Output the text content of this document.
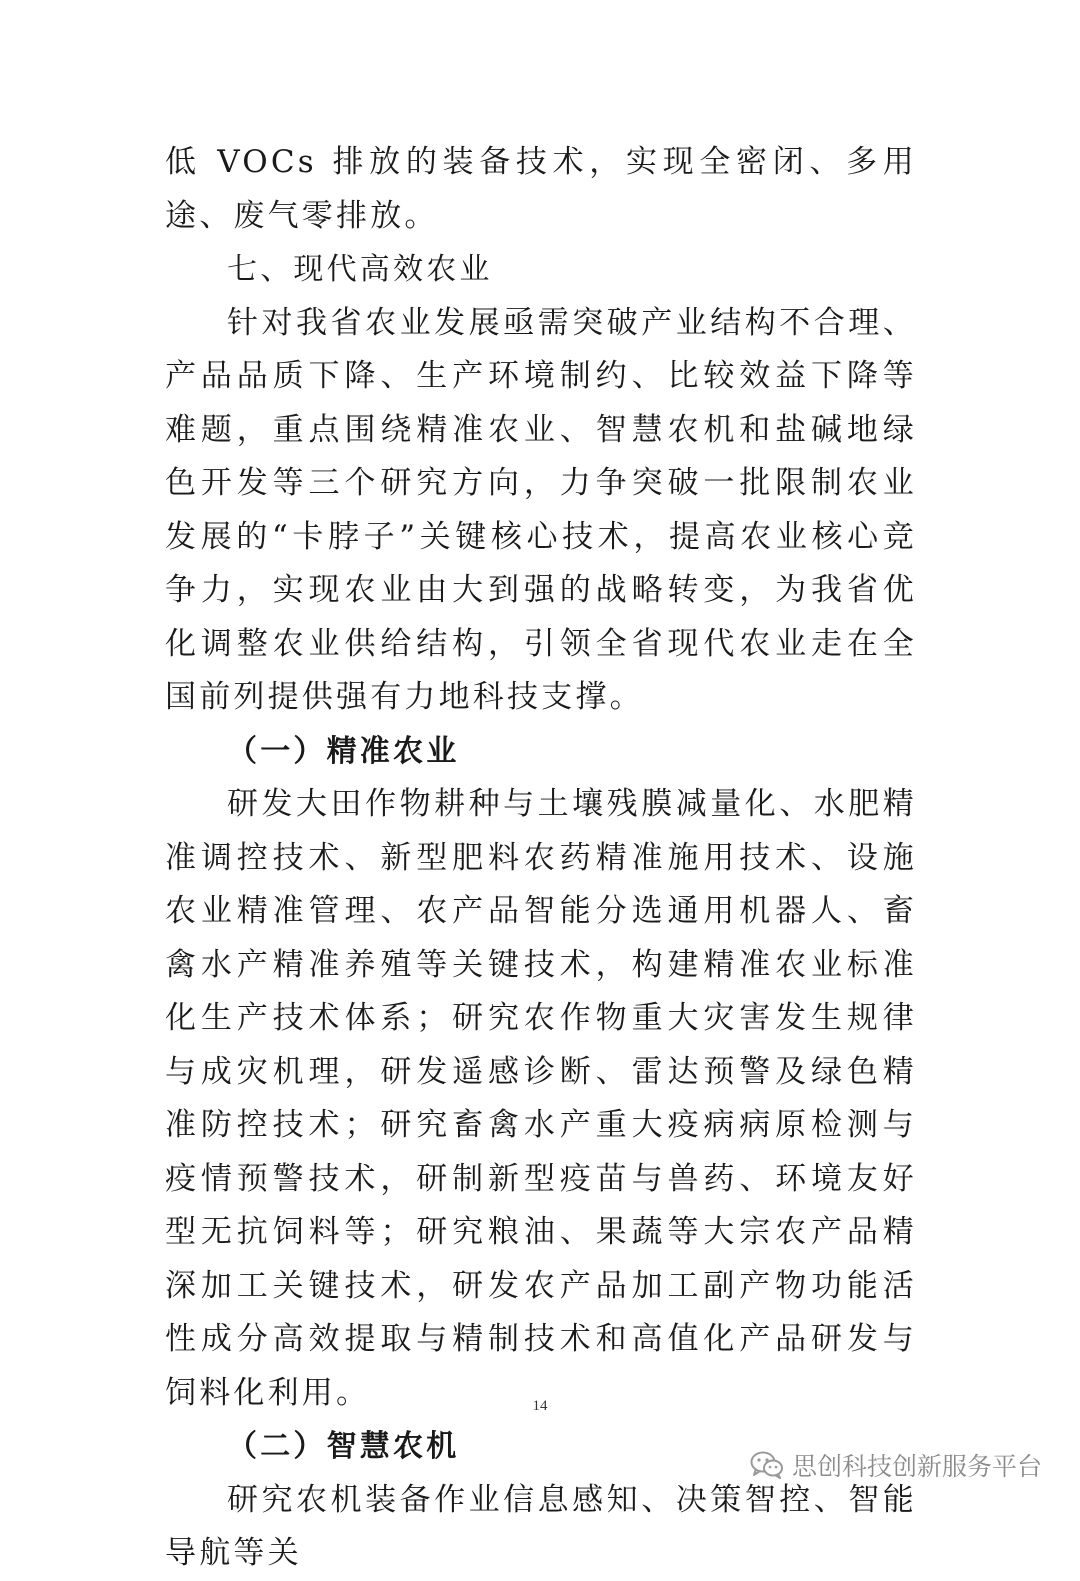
低 VOCs 排放的装备技术，实现全密闭、多用途、废气零排放。

七、现代高效农业

针对我省农业发展亟需突破产业结构不合理、产品品质下降、生产环境制约、比较效益下降等难题，重点围绕精准农业、智慧农机和盐碱地绿色开发等三个研究方向，力争突破一批限制农业发展的“卡脖子”关键核心技术，提高农业核心竞争力，实现农业由大到强的战略转变，为我省优化调整农业供给结构，引领全省现代农业走在全国前列提供强有力地科技支撑。

（一）精准农业

研发大田作物耕种与土壤残膜减量化、水肥精准调控技术、新型肥料农药精准施用技术、设施农业精准管理、农产品智能分选通用机器人、畜禽水产精准养殖等关键技术，构建精准农业标准化生产技术体系；研究农作物重大灾害发生规律与成灾机理，研发遥感诊断、雷达预警及绿色精准防控技术；研究畜禽水产重大疫病病原检测与疫情预警技术，研制新型疫苗与兽药、环境友好型无抗饲料等；研究粮油、果蔬等大宗农产品精深加工关键技术，研发农产品加工副产物功能活性成分高效提取与精制技术和高值化产品研发与饲料化利用。

（二）智慧农机

研究农机装备作业信息感知、决策智控、智能导航等关

14
思创科技创新服务平台
